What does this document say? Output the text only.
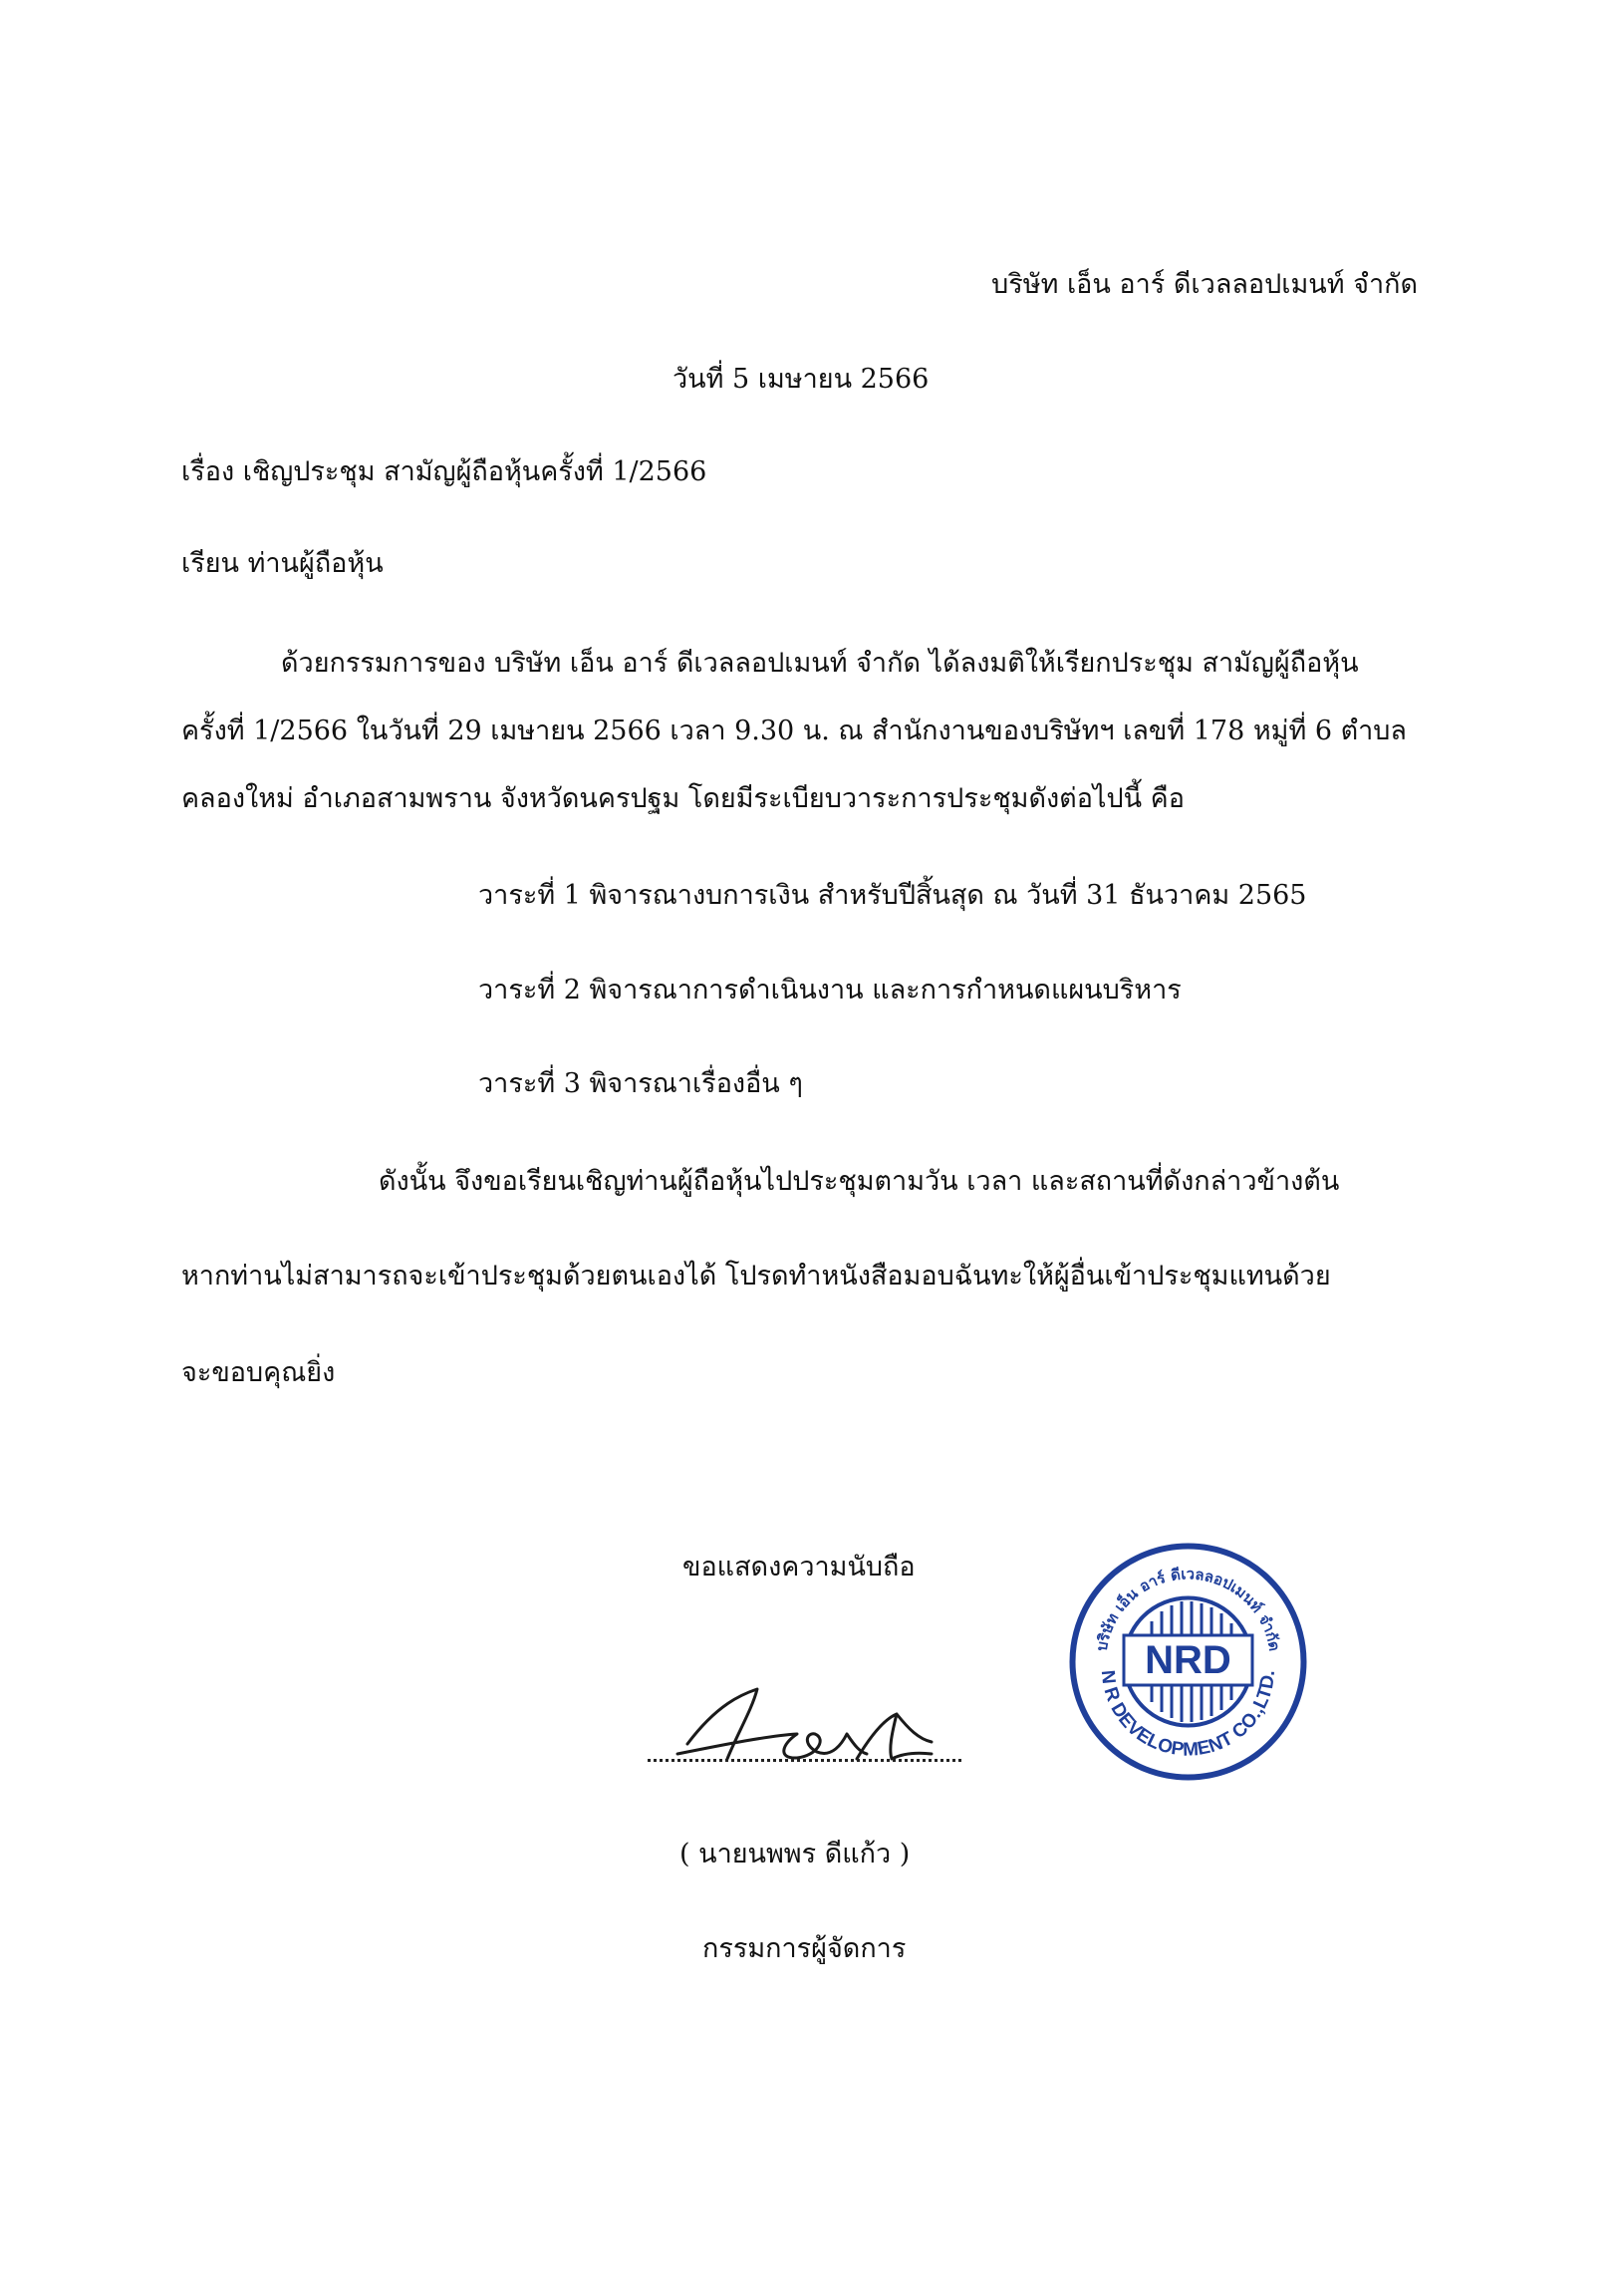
บริษัท เอ็น อาร์ ดีเวลลอปเมนท์ จำกัด

วันที่ 5 เมษายน 2566

เรื่อง เชิญประชุม สามัญผู้ถือหุ้นครั้งที่ 1/2566

เรียน ท่านผู้ถือหุ้น

ด้วยกรรมการของ บริษัท เอ็น อาร์ ดีเวลลอปเมนท์ จำกัด ได้ลงมติให้เรียกประชุม สามัญผู้ถือหุ้น
ครั้งที่ 1/2566 ในวันที่ 29 เมษายน 2566 เวลา 9.30 น. ณ สำนักงานของบริษัทฯ เลขที่ 178 หมู่ที่ 6 ตำบล
คลองใหม่ อำเภอสามพราน จังหวัดนครปฐม โดยมีระเบียบวาระการประชุมดังต่อไปนี้ คือ

วาระที่ 1 พิจารณางบการเงิน สำหรับปีสิ้นสุด ณ วันที่ 31 ธันวาคม 2565

วาระที่ 2 พิจารณาการดำเนินงาน และการกำหนดแผนบริหาร

วาระที่ 3 พิจารณาเรื่องอื่น ๆ

ดังนั้น จึงขอเรียนเชิญท่านผู้ถือหุ้นไปประชุมตามวัน เวลา และสถานที่ดังกล่าวข้างต้น

หากท่านไม่สามารถจะเข้าประชุมด้วยตนเองได้ โปรดทำหนังสือมอบฉันทะให้ผู้อื่นเข้าประชุมแทนด้วย

จะขอบคุณยิ่ง

ขอแสดงความนับถือ

( นายนพพร ดีแก้ว )

กรรมการผู้จัดการ

NRD
บริษัท เอ็น อาร์ ดีเวลลอปเมนท์ จำกัด
N R DEVELOPMENT CO.,LTD.
